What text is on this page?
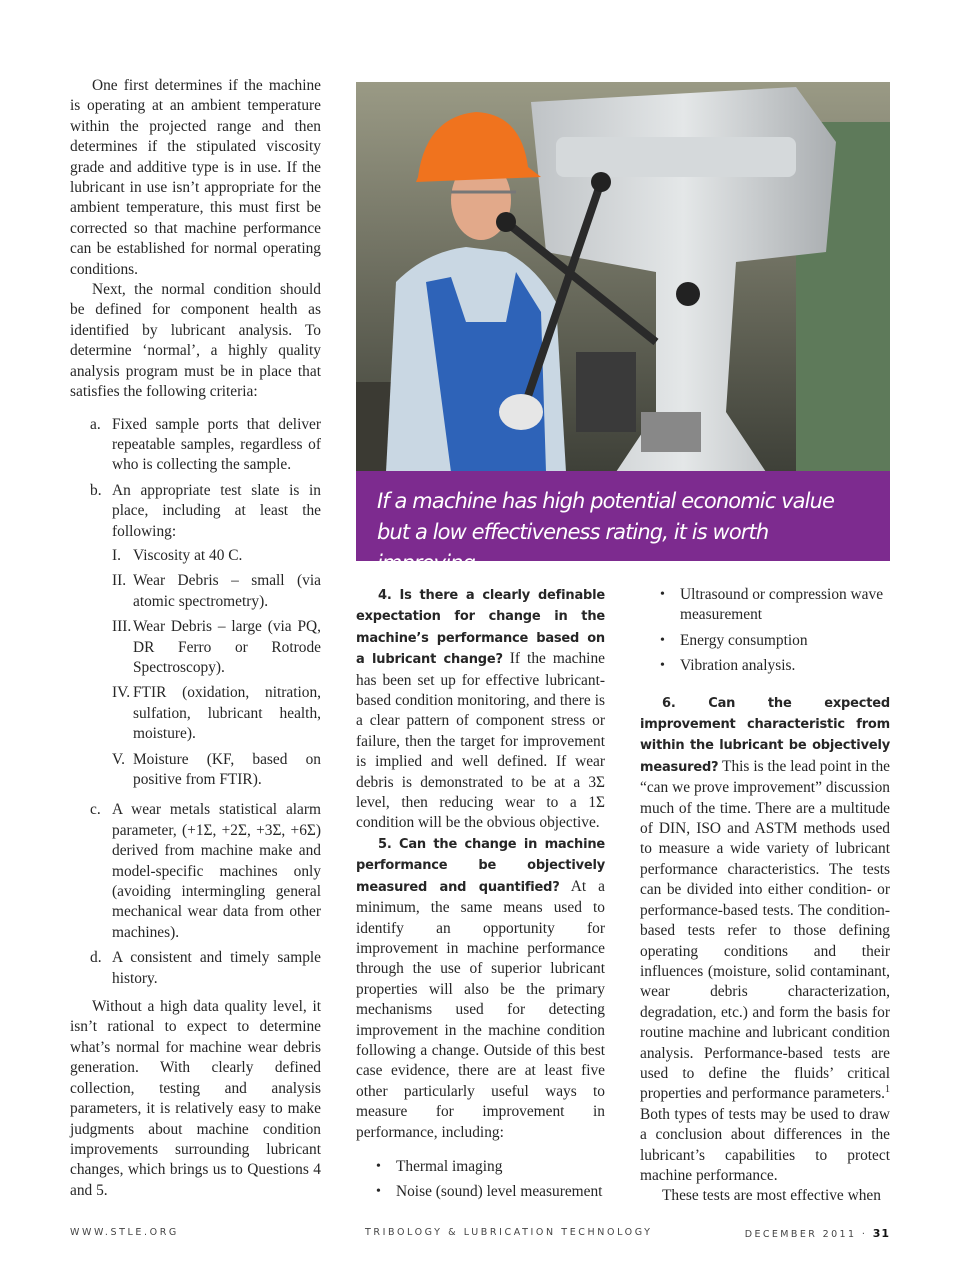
One first determines if the machine is operating at an ambient temperature within the projected range and then determines if the stipulated viscosity grade and additive type is in use. If the lubricant in use isn’t appropriate for the ambient temperature, this must first be corrected so that machine performance can be established for normal operating conditions.

Next, the normal condition should be defined for component health as identified by lubricant analysis. To determine ‘normal’, a highly quality analysis program must be in place that satisfies the following criteria:

a. Fixed sample ports that deliver repeatable samples, regardless of who is collecting the sample.
b. An appropriate test slate is in place, including at least the following:
I. Viscosity at 40 C.
II. Wear Debris – small (via atomic spectrometry).
III. Wear Debris – large (via PQ, DR Ferro or Rotrode Spectroscopy).
IV. FTIR (oxidation, nitration, sulfation, lubricant health, moisture).
V. Moisture (KF, based on positive from FTIR).
c. A wear metals statistical alarm parameter, (+1Σ, +2Σ, +3Σ, +6Σ) derived from machine make and model-specific machines only (avoiding intermingling general mechanical wear data from other machines).
d. A consistent and timely sample history.

Without a high data quality level, it isn’t rational to expect to determine what’s normal for machine wear debris generation. With clearly defined collection, testing and analysis parameters, it is relatively easy to make judgments about machine condition improvements surrounding lubricant changes, which brings us to Questions 4 and 5.

If a machine has high potential economic value but a low effectiveness rating, it is worth improving.

4. Is there a clearly definable expectation for change in the machine’s performance based on a lubricant change? If the machine has been set up for effective lubricant-based condition monitoring, and there is a clear pattern of component stress or failure, then the target for improvement is implied and well defined. If wear debris is demonstrated to be at a 3Σ level, then reducing wear to a 1Σ condition will be the obvious objective.

5. Can the change in machine performance be objectively measured and quantified? At a minimum, the same means used to identify an opportunity for improvement in machine performance through the use of superior lubricant properties will also be the primary mechanisms used for detecting improvement in the machine condition following a change. Outside of this best case evidence, there are at least five other particularly useful ways to measure for improvement in performance, including:

• Thermal imaging
• Noise (sound) level measurement
• Ultrasound or compression wave measurement
• Energy consumption
• Vibration analysis.

6. Can the expected improvement characteristic from within the lubricant be objectively measured? This is the lead point in the “can we prove improvement” discussion much of the time. There are a multitude of DIN, ISO and ASTM methods used to measure a wide variety of lubricant performance characteristics. The tests can be divided into either condition- or performance-based tests. The condition-based tests refer to those defining operating conditions and their influences (moisture, solid contaminant, wear debris characterization, degradation, etc.) and form the basis for routine machine and lubricant condition analysis. Performance-based tests are used to define the fluids’ critical properties and performance parameters.$^1$ Both types of tests may be used to draw a conclusion about differences in the lubricant’s capabilities to protect machine performance.

These tests are most effective when

WWW.STLE.ORG	TRIBOLOGY & LUBRICATION TECHNOLOGY	DECEMBER 2011 · 31
